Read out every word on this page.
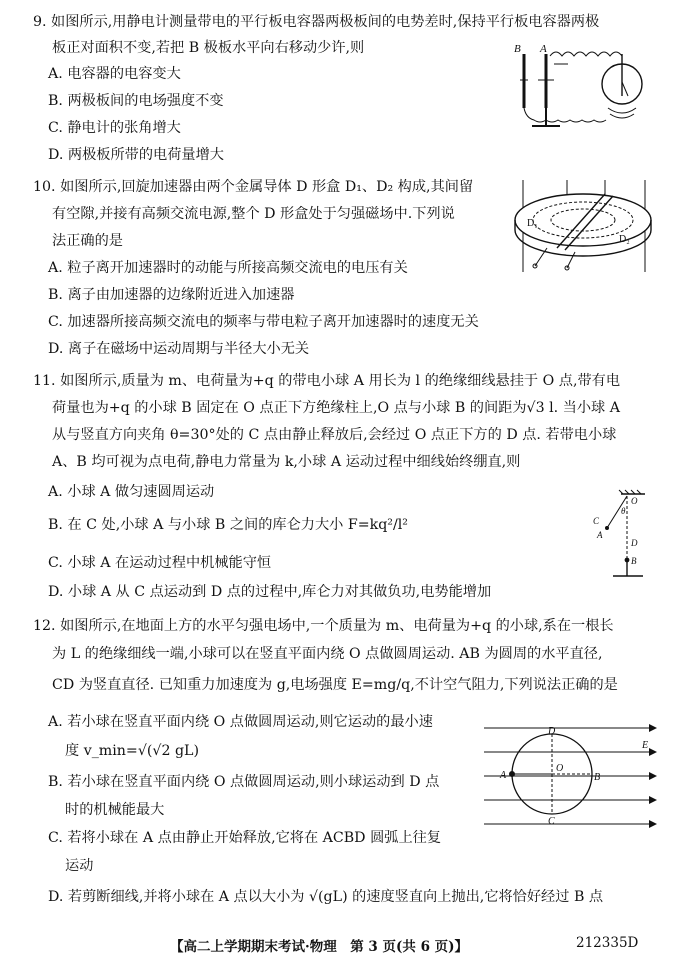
9. 如图所示,用静电计测量带电的平行板电容器两极板间的电势差时,保持平行板电容器两极
板正对面积不变,若把 B 极板水平向右移动少许,则
A. 电容器的电容变大
B. 两极板间的电场强度不变
C. 静电计的张角增大
D. 两极板所带的电荷量增大
B A
10. 如图所示,回旋加速器由两个金属导体 D 形盒 D₁、D₂ 构成,其间留
有空隙,并接有高频交流电源,整个 D 形盒处于匀强磁场中.下列说
法正确的是
A. 粒子离开加速器时的动能与所接高频交流电的电压有关
B. 离子由加速器的边缘附近进入加速器
C. 加速器所接高频交流电的频率与带电粒子离开加速器时的速度无关
D. 离子在磁场中运动周期与半径大小无关
D₁
D₂
11. 如图所示,质量为 m、电荷量为+q 的带电小球 A 用长为 l 的绝缘细线悬挂于 O 点,带有电
荷量也为+q 的小球 B 固定在 O 点正下方绝缘柱上,O 点与小球 B 的间距为√3 l. 当小球 A
从与竖直方向夹角 θ=30°处的 C 点由静止释放后,会经过 O 点正下方的 D 点. 若带电小球
A、B 均可视为点电荷,静电力常量为 k,小球 A 运动过程中细线始终绷直,则
A. 小球 A 做匀速圆周运动
B. 在 C 处,小球 A 与小球 B 之间的库仑力大小 F=kq²/l²
C. 小球 A 在运动过程中机械能守恒
D. 小球 A 从 C 点运动到 D 点的过程中,库仑力对其做负功,电势能增加
O
θ
C
A
D
B
12. 如图所示,在地面上方的水平匀强电场中,一个质量为 m、电荷量为+q 的小球,系在一根长
为 L 的绝缘细线一端,小球可以在竖直平面内绕 O 点做圆周运动. AB 为圆周的水平直径,
CD 为竖直直径. 已知重力加速度为 g,电场强度 E=mg/q,不计空气阻力,下列说法正确的是
A. 若小球在竖直平面内绕 O 点做圆周运动,则它运动的最小速
度 v_min=√(√2 gL)
B. 若小球在竖直平面内绕 O 点做圆周运动,则小球运动到 D 点
时的机械能最大
C. 若将小球在 A 点由静止开始释放,它将在 ACBD 圆弧上往复
运动
D. 若剪断细线,并将小球在 A 点以大小为 √(gL) 的速度竖直向上抛出,它将恰好经过 B 点
D
E
A
O
B
C
【高二上学期期末考试·物理　第 3 页(共 6 页)】	212335D
